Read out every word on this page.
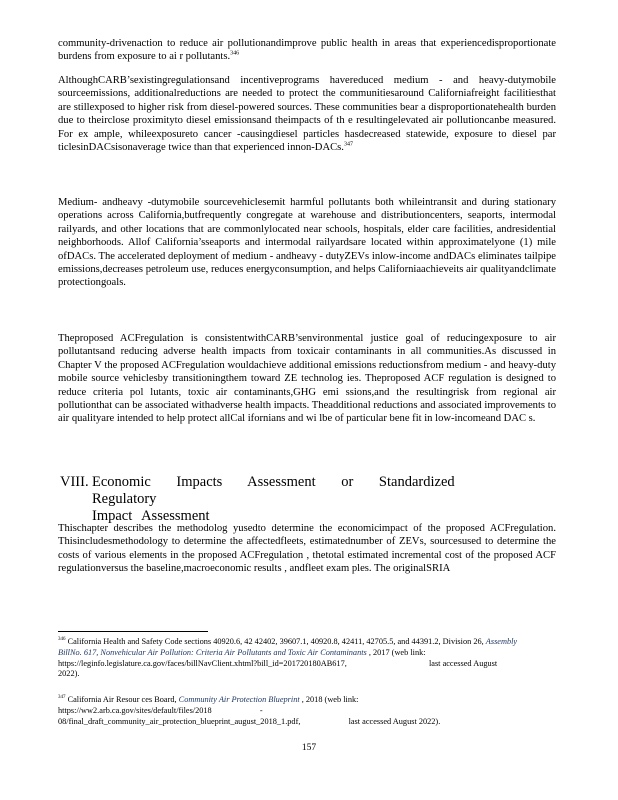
community-drivenaction to reduce air pollutionandimprove public health in areas that experiencedisproportionate burdens from exposure to ai r pollutants.$^{346}$

AlthoughCARB’sexistingregulationsand incentiveprograms havereduced medium - and heavy-dutymobile sourceemissions, additionalreductions are needed to protect the communitiesaround Californiafreight facilitiesthat are stillexposed to higher risk from diesel-powered sources. These communities bear a disproportionatehealth burden due to theirclose proximityto diesel emissionsand theimpacts of th e resultingelevated air pollutioncanbe measured. For ex ample, whileexposureto cancer -causingdiesel particles hasdecreased statewide, exposure to diesel par ticlesinDACsisonaverage twice than that experienced innon-DACs.$^{347}$

Medium- andheavy -dutymobile sourcevehiclesemit harmful pollutants both whileintransit and during stationary operations across California,butfrequently congregate at warehouse and distributioncenters, seaports, intermodal railyards, and other locations that are commonlylocated near schools, hospitals, elder care facilities, andresidential neighborhoods. Allof California’sseaports and intermodal railyardsare located within approximatelyone (1) mile ofDACs. The accelerated deployment of medium - andheavy - dutyZEVs inlow-income andDACs eliminates tailpipe emissions,decreases petroleum use, reduces energyconsumption, and helps Californiaachieveits air qualityandclimate protectiongoals.

Theproposed ACFregulation is consistentwithCARB’senvironmental justice goal of reducingexposure to air pollutantsand reducing adverse health impacts from toxicair contaminants in all communities.As discussed in Chapter V the proposed ACFregulation wouldachieve additional emissions reductionsfrom medium - and heavy-duty mobile source vehiclesby transitioningthem toward ZE technolog ies. Theproposed ACF regulation is designed to reduce criteria pol lutants, toxic air contaminants,GHG emi ssions,and the resultingrisk from regional air pollutionthat can be associated withadverse health impacts. Theadditional reductions and associated improvements to air qualityare intended to help protect allCal ifornians and wi lbe of particular bene fit in low-incomeand DAC s.

VIII. Economic Impacts Assessment or Standardized Regulatory
Impact Assessment

Thischapter describes the methodolog yusedto determine the economicimpact of the proposed ACFregulation. Thisincludesmethodology to determine the affectedfleets, estimatednumber of ZEVs, sourcesused to determine the costs of various elements in the proposed ACFregulation , thetotal estimated incremental cost of the proposed ACF regulationversus the baseline,macroeconomic results , andfleet exam ples. The originalSRIA

$^{346}$ California Health and Safety Code sections 40920.6, 42 42402, 39607.1, 40920.8, 42411, 42705.5, and 44391.2, Division 26, Assembly BillNo. 617, Nonvehicular Air Pollution: Criteria Air Pollutants and Toxic Air Contaminants , 2017 (web link:

https://leginfo.legislature.ca.gov/faces/billNavClient.xhtml?bill_id=201720180AB617,	last accessed August

2022).

$^{347}$ California Air Resour ces Board, Community Air Protection Blueprint , 2018 (web link:

https://ww2.arb.ca.gov/sites/default/files/2018	-

08/final_draft_community_air_protection_blueprint_august_2018_1.pdf,	last accessed August 2022).

157
